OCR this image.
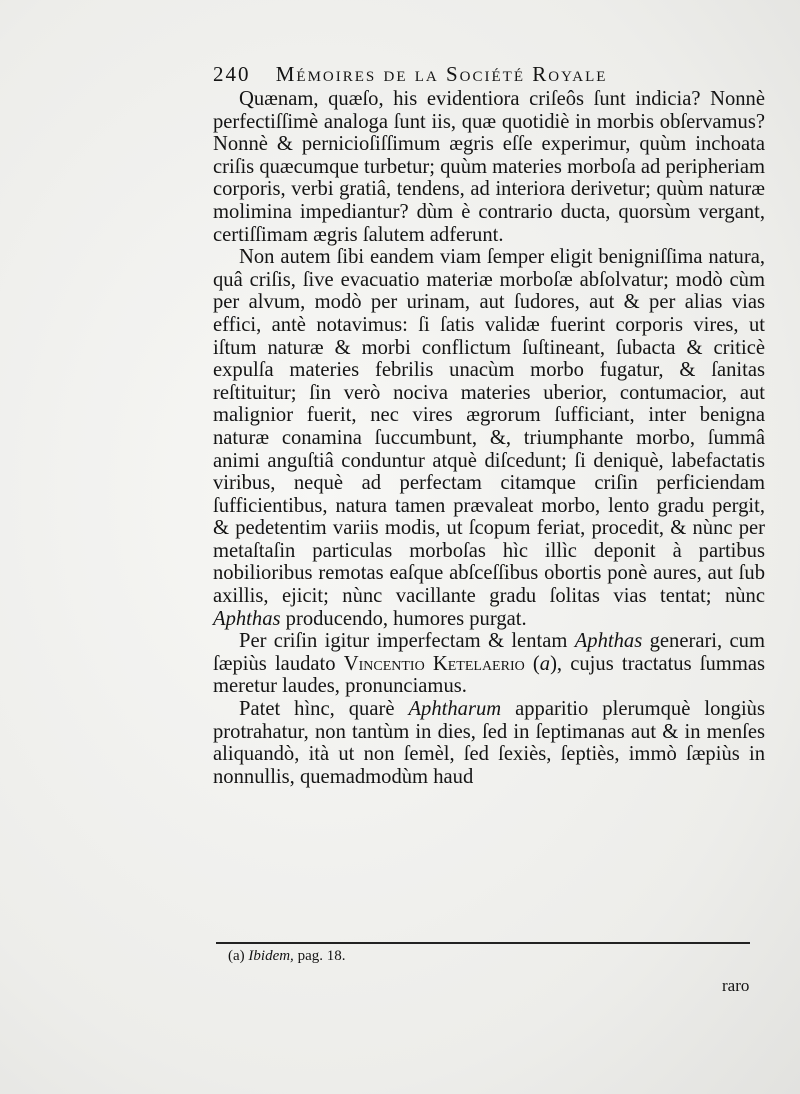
240 Mémoires de la Société Royale

Quænam, quæſo, his evidentiora criſeôs ſunt indicia? Nonnè perfectiſſimè analoga ſunt iis, quæ quotidiè in morbis obſervamus? Nonnè & pernicioſiſſimum ægris eſſe experimur, quùm inchoata criſis quæcumque turbetur; quùm materies morboſa ad peripheriam corporis, verbi gratiâ, tendens, ad interiora derivetur; quùm naturæ molimina impediantur? dùm è contrario ducta, quorsùm vergant, certiſſimam ægris ſalutem adferunt.

Non autem ſibi eandem viam ſemper eligit benigniſſima natura, quâ criſis, ſive evacuatio materiæ morboſæ abſolvatur; modò cùm per alvum, modò per urinam, aut ſudores, aut & per alias vias effici, antè notavimus: ſi ſatis validæ fuerint corporis vires, ut iſtum naturæ & morbi conflictum ſuſtineant, ſubacta & criticè expulſa materies febrilis unacùm morbo fugatur, & ſanitas reſtituitur; ſin verò nociva materies uberior, contumacior, aut malignior fuerit, nec vires ægrorum ſufficiant, inter benigna naturæ conamina ſuccumbunt, &, triumphante morbo, ſummâ animi anguſtiâ conduntur atquè diſcedunt; ſi deniquè, labefactatis viribus, nequè ad perfectam citamque criſin perficiendam ſufficientibus, natura tamen prævaleat morbo, lento gradu pergit, & pedetentim variis modis, ut ſcopum feriat, procedit, & nùnc per metaſtaſin particulas morboſas hìc illìc deponit à partibus nobilioribus remotas eaſque abſceſſibus obortis ponè aures, aut ſub axillis, ejicit; nùnc vacillante gradu ſolitas vias tentat; nùnc Aphthas producendo, humores purgat.

Per criſin igitur imperfectam & lentam Aphthas generari, cum ſæpiùs laudato Vincentio Ketelaerio (a), cujus tractatus ſummas meretur laudes, pronunciamus.

Patet hìnc, quarè Aphtharum apparitio plerumquè longiùs protrahatur, non tantùm in dies, ſed in ſeptimanas aut & in menſes aliquandò, ità ut non ſemèl, ſed ſexiès, ſeptiès, immò ſæpiùs in nonnullis, quemadmodùm haud

(a) Ibidem, pag. 18.
raro
